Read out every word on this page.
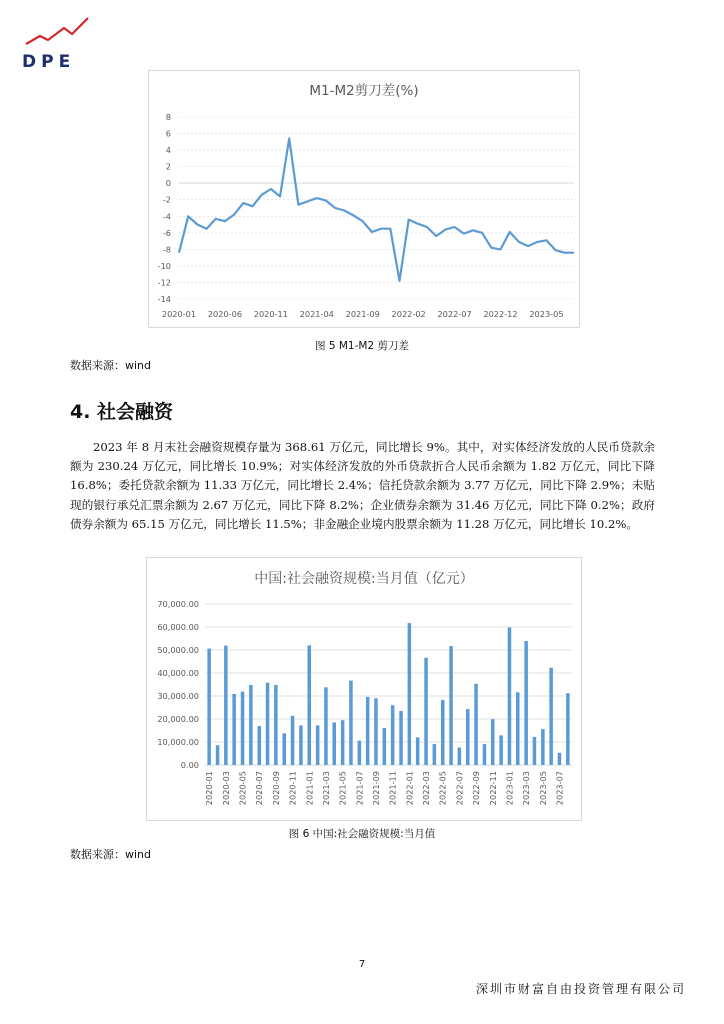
DPE
M1-M2剪刀差(%)
-14
-12
-10
-8
-6
-4
-2
0
2
4
6
8
2020-01 2020-06 2020-11 2021-04 2021-09 2022-02 2022-07 2022-12 2023-05
图 5 M1-M2 剪刀差
数据来源：wind
4. 社会融资

2023 年 8 月末社会融资规模存量为 368.61 万亿元，同比增长 9%。其中，对实体经济发放的人民币贷款余额为 230.24 万亿元，同比增长 10.9%；对实体经济发放的外币贷款折合人民币余额为 1.82 万亿元，同比下降 16.8%；委托贷款余额为 11.33 万亿元，同比增长 2.4%；信托贷款余额为 3.77 万亿元，同比下降 2.9%；未贴现的银行承兑汇票余额为 2.67 万亿元，同比下降 8.2%；企业债券余额为 31.46 万亿元，同比下降 0.2%；政府债券余额为 65.15 万亿元，同比增长 11.5%；非金融企业境内股票余额为 11.28 万亿元，同比增长 10.2%。

中国:社会融资规模:当月值（亿元）
0.00
10,000.00
20,000.00
30,000.00
40,000.00
50,000.00
60,000.00
70,000.00
2020-01 2020-03 2020-05 2020-07 2020-09 2020-11 2021-01 2021-03 2021-05 2021-07 2021-09 2021-11 2022-01 2022-03 2022-05 2022-07 2022-09 2022-11 2023-01 2023-03 2023-05 2023-07
图 6 中国:社会融资规模:当月值
数据来源：wind
7
深圳市财富自由投资管理有限公司
